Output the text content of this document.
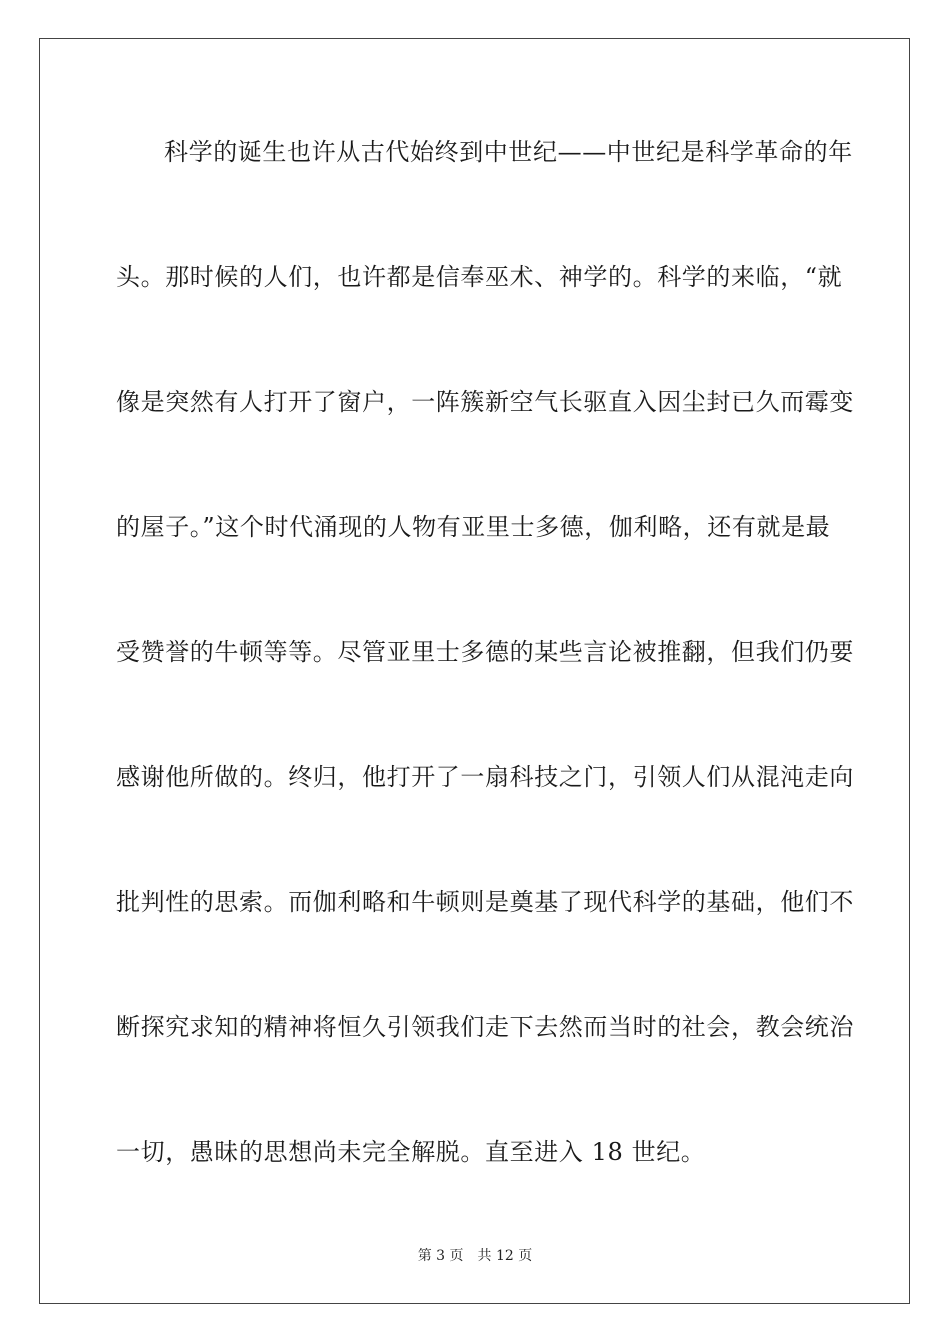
科学的诞生也许从古代始终到中世纪——中世纪是科学革命的年
头。那时候的人们，也许都是信奉巫术、神学的。科学的来临，“就
像是突然有人打开了窗户，一阵簇新空气长驱直入因尘封已久而霉变
的屋子。”这个时代涌现的人物有亚里士多德，伽利略，还有就是最
受赞誉的牛顿等等。尽管亚里士多德的某些言论被推翻，但我们仍要
感谢他所做的。终归，他打开了一扇科技之门，引领人们从混沌走向
批判性的思索。而伽利略和牛顿则是奠基了现代科学的基础，他们不
断探究求知的精神将恒久引领我们走下去然而当时的社会，教会统治
一切，愚昧的思想尚未完全解脱。直至进入 18 世纪。
第 3 页 共 12 页
